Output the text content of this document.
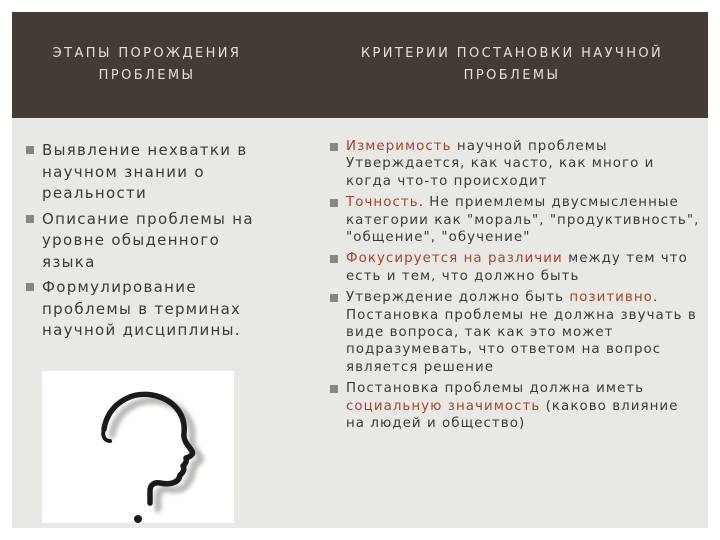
ЭТАПЫ ПОРОЖДЕНИЯ ПРОБЛЕМЫ
КРИТЕРИИ ПОСТАНОВКИ НАУЧНОЙ ПРОБЛЕМЫ
Выявление нехватки в научном знании о реальности
Описание проблемы на уровне обыденного языка
Формулирование проблемы в терминах научной дисциплины.
Измеримость научной проблемы Утверждается, как часто, как много и когда что-то происходит
Точность. Не приемлемы двусмысленные категории как "мораль", "продуктивность", "общение", "обучение"
Фокусируется на различии между тем что есть и тем, что должно быть
Утверждение должно быть позитивно. Постановка проблемы не должна звучать в виде вопроса, так как это может подразумевать, что ответом на вопрос является решение
Постановка проблемы должна иметь социальную значимость (каково влияние на людей и общество)
